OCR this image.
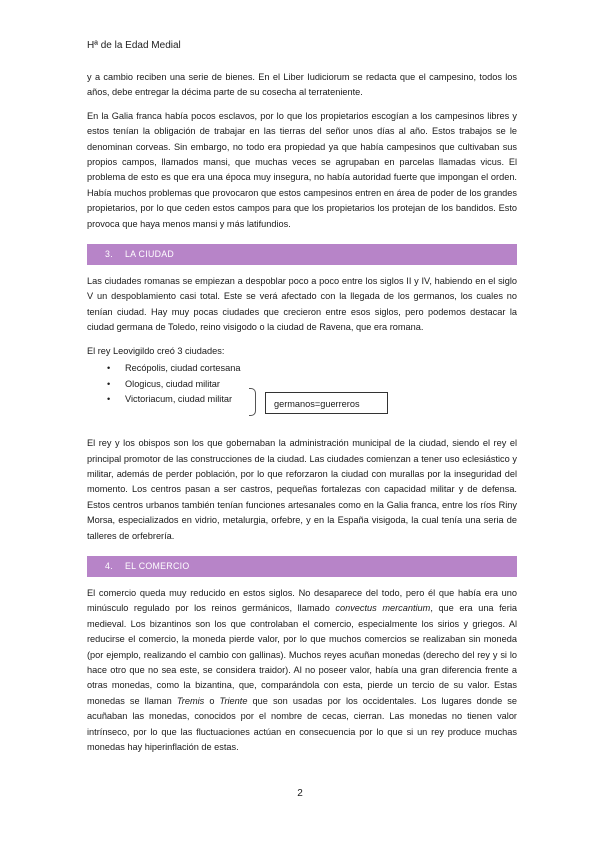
Hª de la Edad Medial

y a cambio reciben una serie de bienes. En el Liber Iudiciorum se redacta que el campesino, todos los años, debe entregar la décima parte de su cosecha al terrateniente.

En la Galia franca había pocos esclavos, por lo que los propietarios escogían a los campesinos libres y estos tenían la obligación de trabajar en las tierras del señor unos días al año. Estos trabajos se le denominan corveas. Sin embargo, no todo era propiedad ya que había campesinos que cultivaban sus propios campos, llamados mansi, que muchas veces se agrupaban en parcelas llamadas vicus. El problema de esto es que era una época muy insegura, no había autoridad fuerte que impongan el orden. Había muchos problemas que provocaron que estos campesinos entren en área de poder de los grandes propietarios, por lo que ceden estos campos para que los propietarios los protejan de los bandidos. Esto provoca que haya menos mansi y más latifundios.

3. LA CIUDAD

Las ciudades romanas se empiezan a despoblar poco a poco entre los siglos II y IV, habiendo en el siglo V un despoblamiento casi total. Este se verá afectado con la llegada de los germanos, los cuales no tenían ciudad. Hay muy pocas ciudades que crecieron entre esos siglos, pero podemos destacar la ciudad germana de Toledo, reino visigodo o la ciudad de Ravena, que era romana.

El rey Leovigildo creó 3 ciudades:

• Recópolis, ciudad cortesana
• Ologicus, ciudad militar
• Victoriacum, ciudad militar	germanos=guerreros

El rey y los obispos son los que gobernaban la administración municipal de la ciudad, siendo el rey el principal promotor de las construcciones de la ciudad. Las ciudades comienzan a tener uso eclesiástico y militar, además de perder población, por lo que reforzaron la ciudad con murallas por la inseguridad del momento. Los centros pasan a ser castros, pequeñas fortalezas con capacidad militar y de defensa. Estos centros urbanos también tenían funciones artesanales como en la Galia franca, entre los ríos Riny Morsa, especializados en vidrio, metalurgia, orfebre, y en la España visigoda, la cual tenía una seria de talleres de orfebrería.

4. EL COMERCIO

El comercio queda muy reducido en estos siglos. No desaparece del todo, pero él que había era uno minúsculo regulado por los reinos germánicos, llamado convectus mercantium, que era una feria medieval. Los bizantinos son los que controlaban el comercio, especialmente los sirios y griegos. Al reducirse el comercio, la moneda pierde valor, por lo que muchos comercios se realizaban sin moneda (por ejemplo, realizando el cambio con gallinas). Muchos reyes acuñan monedas (derecho del rey y si lo hace otro que no sea este, se considera traidor). Al no poseer valor, había una gran diferencia frente a otras monedas, como la bizantina, que, comparándola con esta, pierde un tercio de su valor. Estas monedas se llaman Tremis o Triente que son usadas por los occidentales. Los lugares donde se acuñaban las monedas, conocidos por el nombre de cecas, cierran. Las monedas no tienen valor intrínseco, por lo que las fluctuaciones actúan en consecuencia por lo que si un rey produce muchas monedas hay hiperinflación de estas.

2
